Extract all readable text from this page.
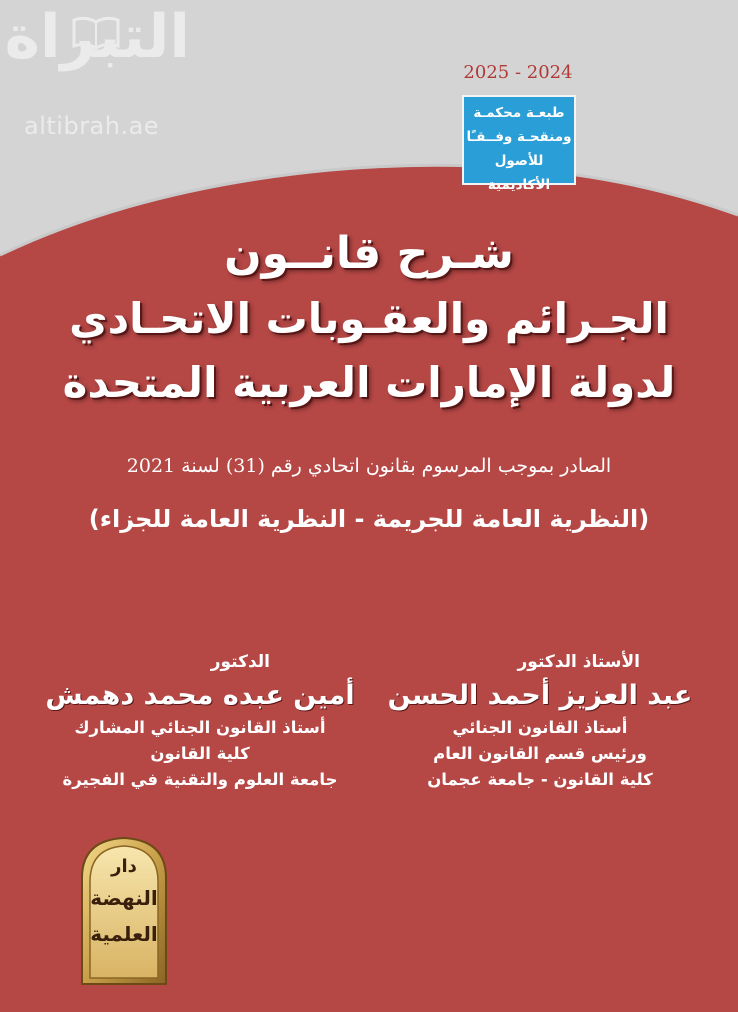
التبراة
altibrah.ae
2025 - 2024
طبعـة محكمـة
ومنقحـة وفــقـًا
للأصول الأكاديمية
شـرح قانــون
الجـرائم والعقـوبات الاتحـادي
لدولة الإمارات العربية المتحدة
الصادر بموجب المرسوم بقانون اتحادي رقم (31) لسنة 2021
(النظرية العامة للجريمة - النظرية العامة للجزاء)
الأستاذ الدكتور
عبد العزيز أحمد الحسن
أستاذ القانون الجنائي
ورئيس قسم القانون العام
كلية القانون - جامعة عجمان
الدكتور
أمين عبده محمد دهمش
أستاذ القانون الجنائي المشارك
كلية القانون
جامعة العلوم والتقنية في الفجيرة
دار
النهضة
العلمية
